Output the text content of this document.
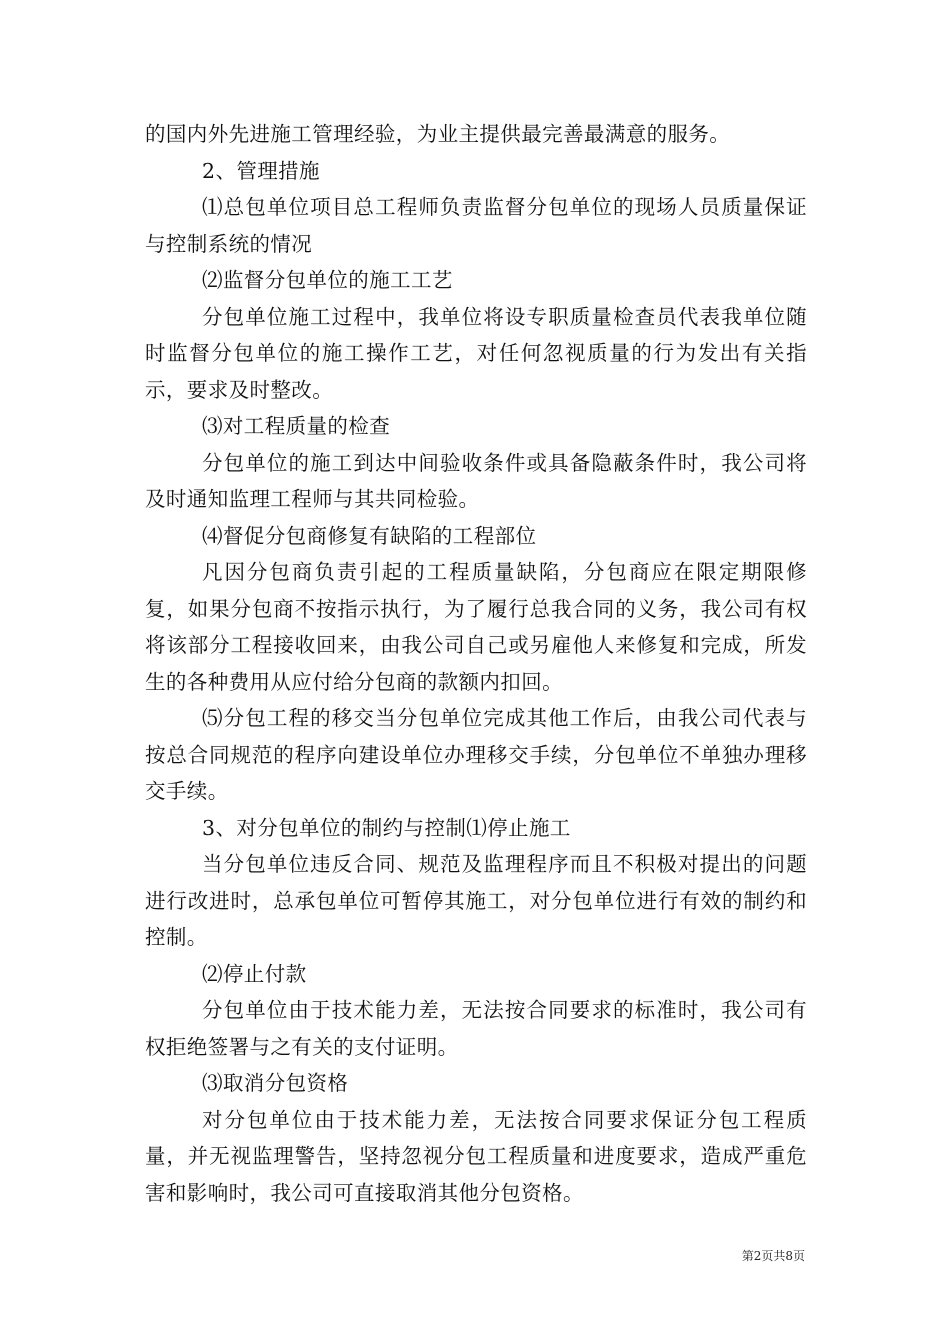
的国内外先进施工管理经验，为业主提供最完善最满意的服务。

2、管理措施

⑴总包单位项目总工程师负责监督分包单位的现场人员质量保证与控制系统的情况

⑵监督分包单位的施工工艺

分包单位施工过程中，我单位将设专职质量检查员代表我单位随时监督分包单位的施工操作工艺，对任何忽视质量的行为发出有关指示，要求及时整改。

⑶对工程质量的检查

分包单位的施工到达中间验收条件或具备隐蔽条件时，我公司将及时通知监理工程师与其共同检验。

⑷督促分包商修复有缺陷的工程部位

凡因分包商负责引起的工程质量缺陷，分包商应在限定期限修复，如果分包商不按指示执行，为了履行总我合同的义务，我公司有权将该部分工程接收回来，由我公司自己或另雇他人来修复和完成，所发生的各种费用从应付给分包商的款额内扣回。

⑸分包工程的移交当分包单位完成其他工作后，由我公司代表与按总合同规范的程序向建设单位办理移交手续，分包单位不单独办理移交手续。

3、对分包单位的制约与控制⑴停止施工

当分包单位违反合同、规范及监理程序而且不积极对提出的问题进行改进时，总承包单位可暂停其施工，对分包单位进行有效的制约和控制。

⑵停止付款

分包单位由于技术能力差，无法按合同要求的标准时，我公司有权拒绝签署与之有关的支付证明。

⑶取消分包资格

对分包单位由于技术能力差，无法按合同要求保证分包工程质量，并无视监理警告，坚持忽视分包工程质量和进度要求，造成严重危害和影响时，我公司可直接取消其他分包资格。

第2页共8页
